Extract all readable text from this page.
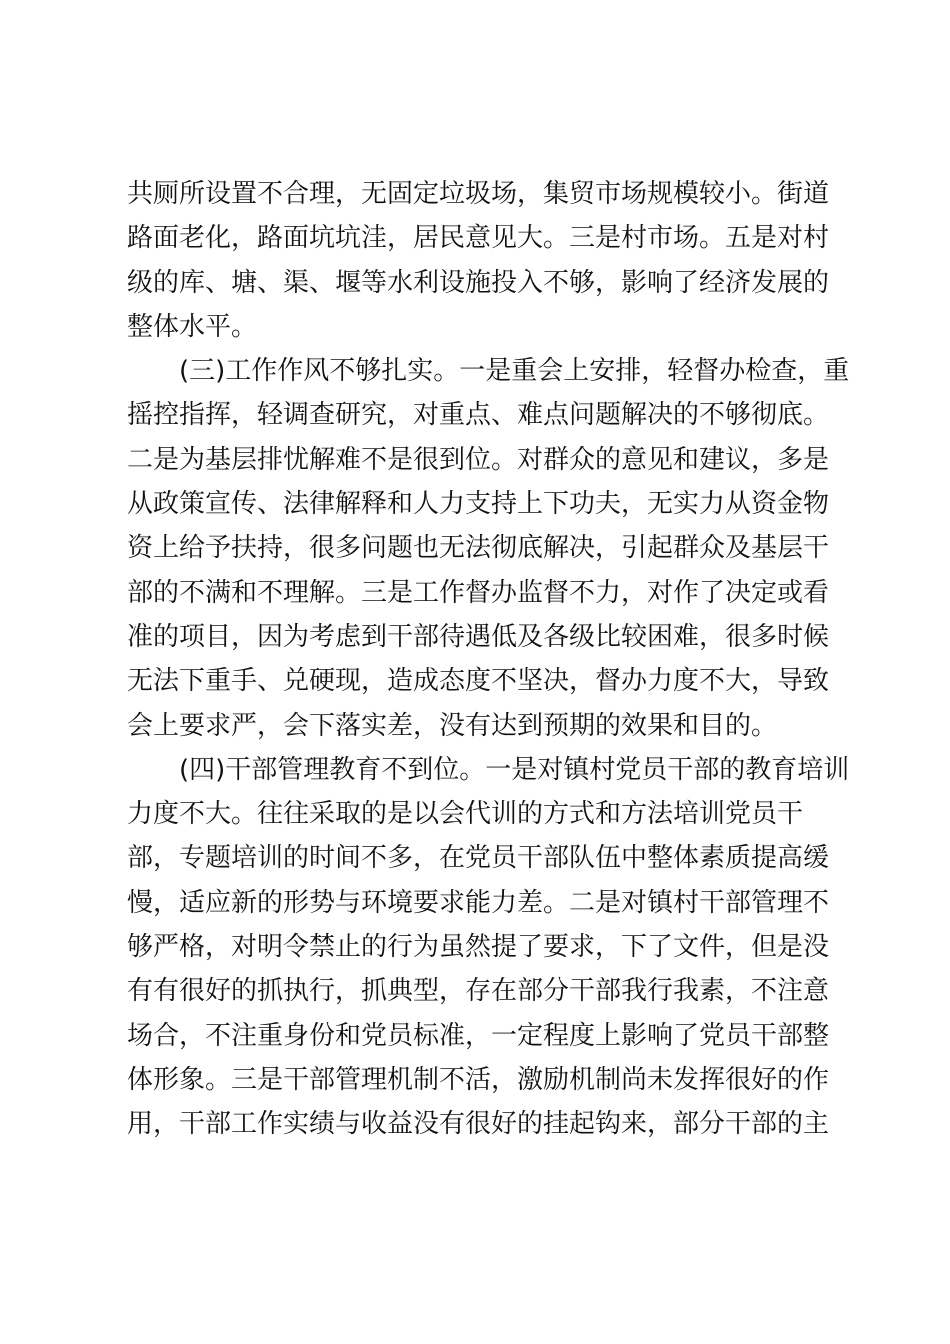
共厕所设置不合理，无固定垃圾场，集贸市场规模较小。街道
路面老化，路面坑坑洼，居民意见大。三是村市场。五是对村
级的库、塘、渠、堰等水利设施投入不够，影响了经济发展的
整体水平。
(三)工作作风不够扎实。一是重会上安排，轻督办检查，重
摇控指挥，轻调查研究，对重点、难点问题解决的不够彻底。
二是为基层排忧解难不是很到位。对群众的意见和建议，多是
从政策宣传、法律解释和人力支持上下功夫，无实力从资金物
资上给予扶持，很多问题也无法彻底解决，引起群众及基层干
部的不满和不理解。三是工作督办监督不力，对作了决定或看
准的项目，因为考虑到干部待遇低及各级比较困难，很多时候
无法下重手、兑硬现，造成态度不坚决，督办力度不大，导致
会上要求严，会下落实差，没有达到预期的效果和目的。
(四)干部管理教育不到位。一是对镇村党员干部的教育培训
力度不大。往往采取的是以会代训的方式和方法培训党员干
部，专题培训的时间不多，在党员干部队伍中整体素质提高缓
慢，适应新的形势与环境要求能力差。二是对镇村干部管理不
够严格，对明令禁止的行为虽然提了要求，下了文件，但是没
有有很好的抓执行，抓典型，存在部分干部我行我素，不注意
场合，不注重身份和党员标准，一定程度上影响了党员干部整
体形象。三是干部管理机制不活，激励机制尚未发挥很好的作
用，干部工作实绩与收益没有很好的挂起钩来，部分干部的主
